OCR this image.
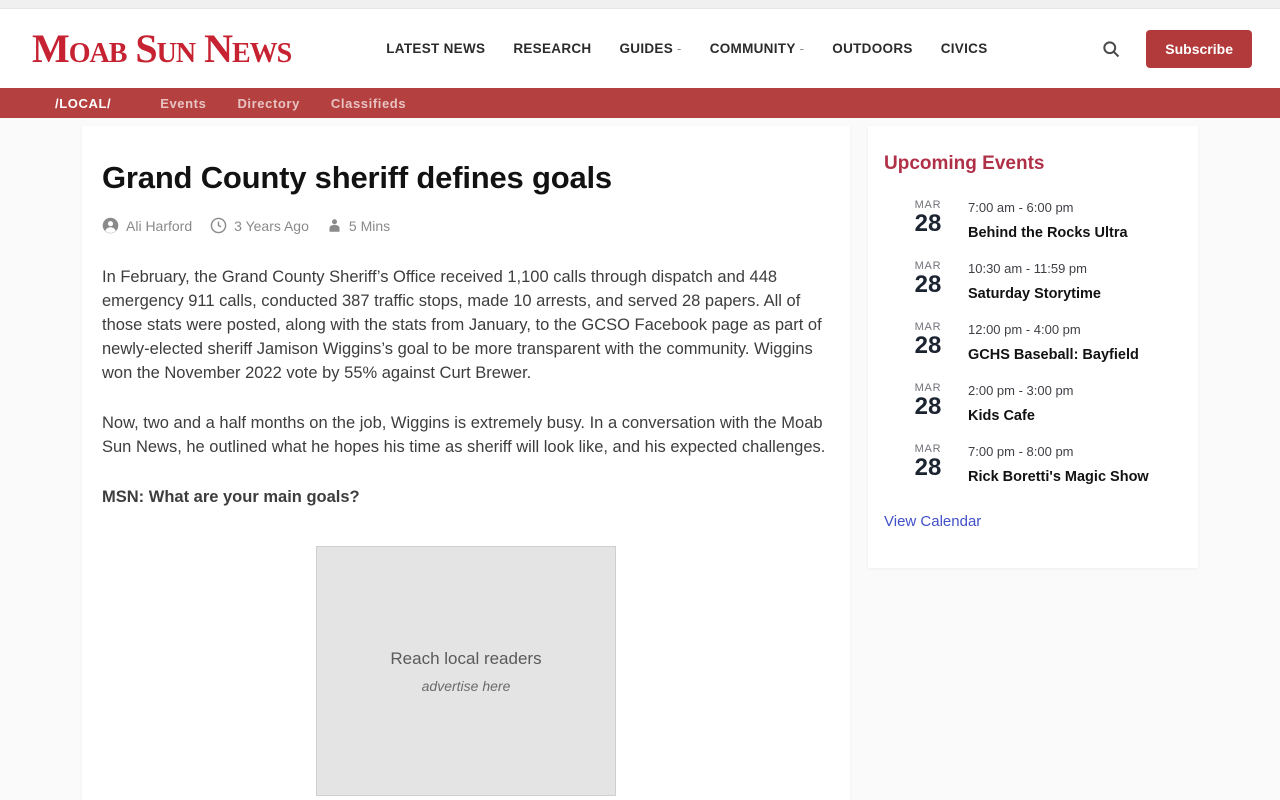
Moab Sun News	LATEST NEWS RESEARCH GUIDES - COMMUNITY - OUTDOORS CIVICS	Subscribe
/LOCAL/	Events Directory Classifieds
Grand County sheriff defines goals
Ali Harford	3 Years Ago	5 Mins

In February, the Grand County Sheriff’s Office received 1,100 calls through dispatch and 448 emergency 911 calls, conducted 387 traffic stops, made 10 arrests, and served 28 papers. All of those stats were posted, along with the stats from January, to the GCSO Facebook page as part of newly-elected sheriff Jamison Wiggins’s goal to be more transparent with the community. Wiggins won the November 2022 vote by 55% against Curt Brewer.

Now, two and a half months on the job, Wiggins is extremely busy. In a conversation with the Moab Sun News, he outlined what he hopes his time as sheriff will look like, and his expected challenges.

MSN: What are your main goals?

Reach local readers
advertise here
Upcoming Events
MAR
28
7:00 am - 6:00 pm
Behind the Rocks Ultra
MAR
28
10:30 am - 11:59 pm
Saturday Storytime
MAR
28
12:00 pm - 4:00 pm
GCHS Baseball: Bayfield
MAR
28
2:00 pm - 3:00 pm
Kids Cafe
MAR
28
7:00 pm - 8:00 pm
Rick Boretti's Magic Show
View Calendar
